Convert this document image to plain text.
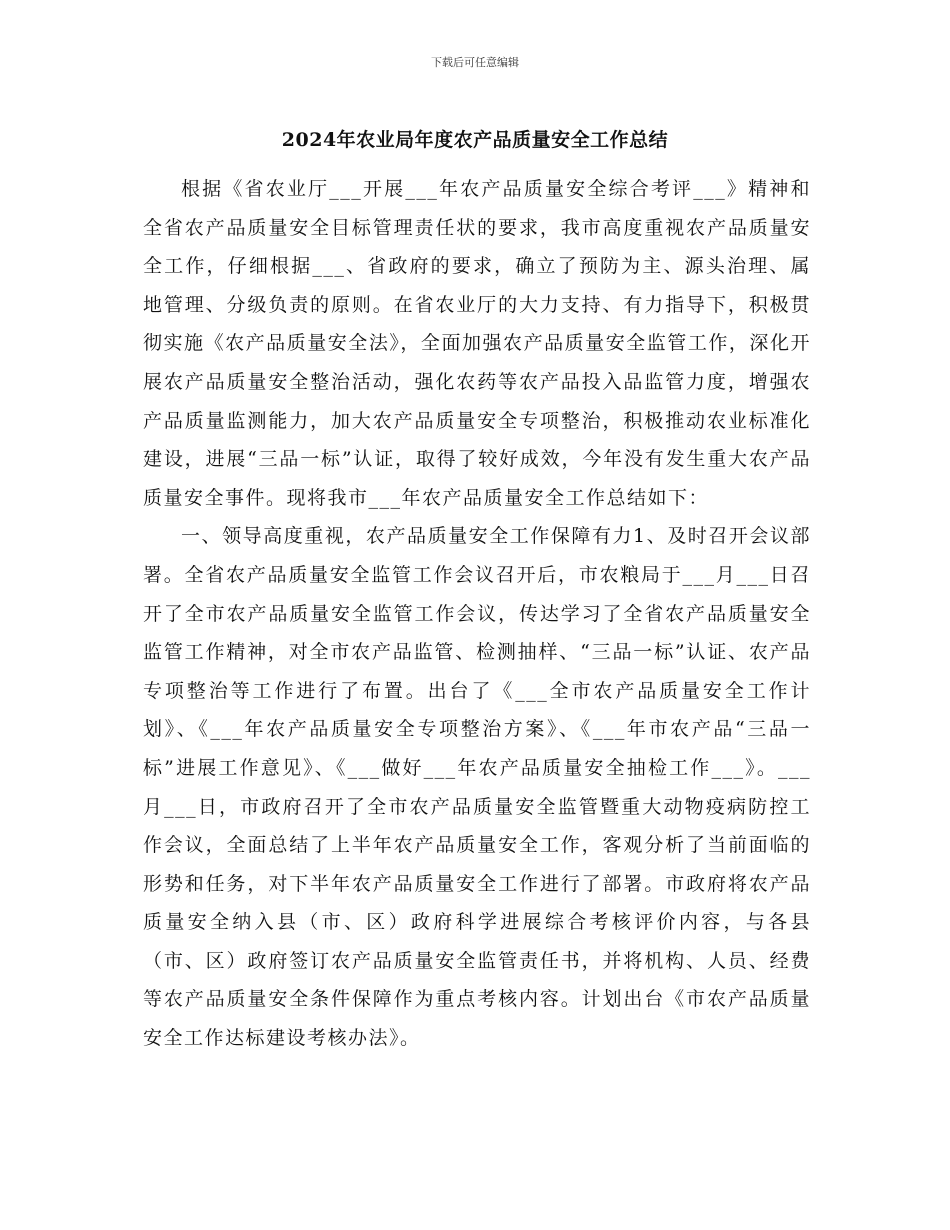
下载后可任意编辑
2024年农业局年度农产品质量安全工作总结

根据《省农业厅___开展___年农产品质量安全综合考评___》精神和全省农产品质量安全目标管理责任状的要求，我市高度重视农产品质量安全工作，仔细根据___、省政府的要求，确立了预防为主、源头治理、属地管理、分级负责的原则。在省农业厅的大力支持、有力指导下，积极贯彻实施《农产品质量安全法》，全面加强农产品质量安全监管工作，深化开展农产品质量安全整治活动，强化农药等农产品投入品监管力度，增强农产品质量监测能力，加大农产品质量安全专项整治，积极推动农业标准化建设，进展“三品一标”认证，取得了较好成效，今年没有发生重大农产品质量安全事件。现将我市___年农产品质量安全工作总结如下：

一、领导高度重视，农产品质量安全工作保障有力1、及时召开会议部署。全省农产品质量安全监管工作会议召开后，市农粮局于___月___日召开了全市农产品质量安全监管工作会议，传达学习了全省农产品质量安全监管工作精神，对全市农产品监管、检测抽样、“三品一标”认证、农产品专项整治等工作进行了布置。出台了《___全市农产品质量安全工作计划》、《___年农产品质量安全专项整治方案》、《___年市农产品“三品一标”进展工作意见》、《___做好___年农产品质量安全抽检工作___》。___月___日，市政府召开了全市农产品质量安全监管暨重大动物疫病防控工作会议，全面总结了上半年农产品质量安全工作，客观分析了当前面临的形势和任务，对下半年农产品质量安全工作进行了部署。市政府将农产品质量安全纳入县（市、区）政府科学进展综合考核评价内容，与各县（市、区）政府签订农产品质量安全监管责任书，并将机构、人员、经费等农产品质量安全条件保障作为重点考核内容。计划出台《市农产品质量安全工作达标建设考核办法》。
